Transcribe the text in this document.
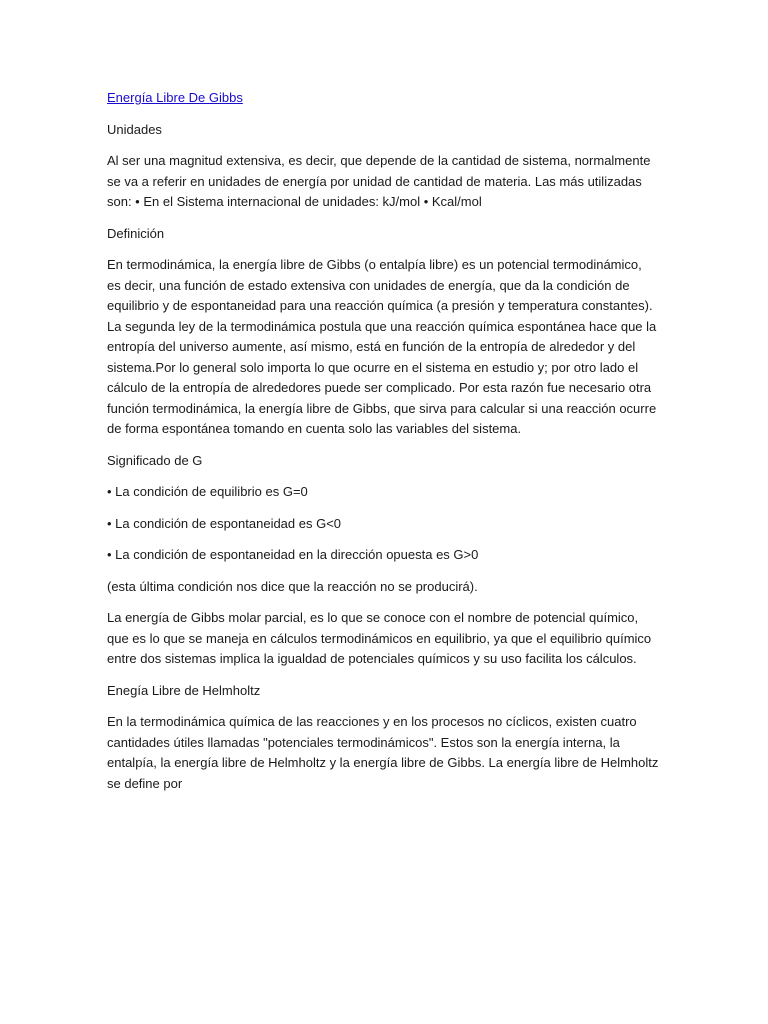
Energía Libre De Gibbs

Unidades

Al ser una magnitud extensiva, es decir, que depende de la cantidad de sistema, normalmente se va a referir en unidades de energía por unidad de cantidad de materia. Las más utilizadas son: • En el Sistema internacional de unidades: kJ/mol • Kcal/mol

Definición

En termodinámica, la energía libre de Gibbs (o entalpía libre) es un potencial termodinámico, es decir, una función de estado extensiva con unidades de energía, que da la condición de equilibrio y de espontaneidad para una reacción química (a presión y temperatura constantes). La segunda ley de la termodinámica postula que una reacción química espontánea hace que la entropía del universo aumente, así mismo, está en función de la entropía de alrededor y del sistema.Por lo general solo importa lo que ocurre en el sistema en estudio y; por otro lado el cálculo de la entropía de alrededores puede ser complicado. Por esta razón fue necesario otra función termodinámica, la energía libre de Gibbs, que sirva para calcular si una reacción ocurre de forma espontánea tomando en cuenta solo las variables del sistema.

Significado de G

• La condición de equilibrio es G=0

• La condición de espontaneidad es G<0

• La condición de espontaneidad en la dirección opuesta es G>0

(esta última condición nos dice que la reacción no se producirá).

La energía de Gibbs molar parcial, es lo que se conoce con el nombre de potencial químico, que es lo que se maneja en cálculos termodinámicos en equilibrio, ya que el equilibrio químico entre dos sistemas implica la igualdad de potenciales químicos y su uso facilita los cálculos.

Enegía Libre de Helmholtz

En la termodinámica química de las reacciones y en los procesos no cíclicos, existen cuatro cantidades útiles llamadas "potenciales termodinámicos". Estos son la energía interna, la entalpía, la energía libre de Helmholtz y la energía libre de Gibbs. La energía libre de Helmholtz se define por
